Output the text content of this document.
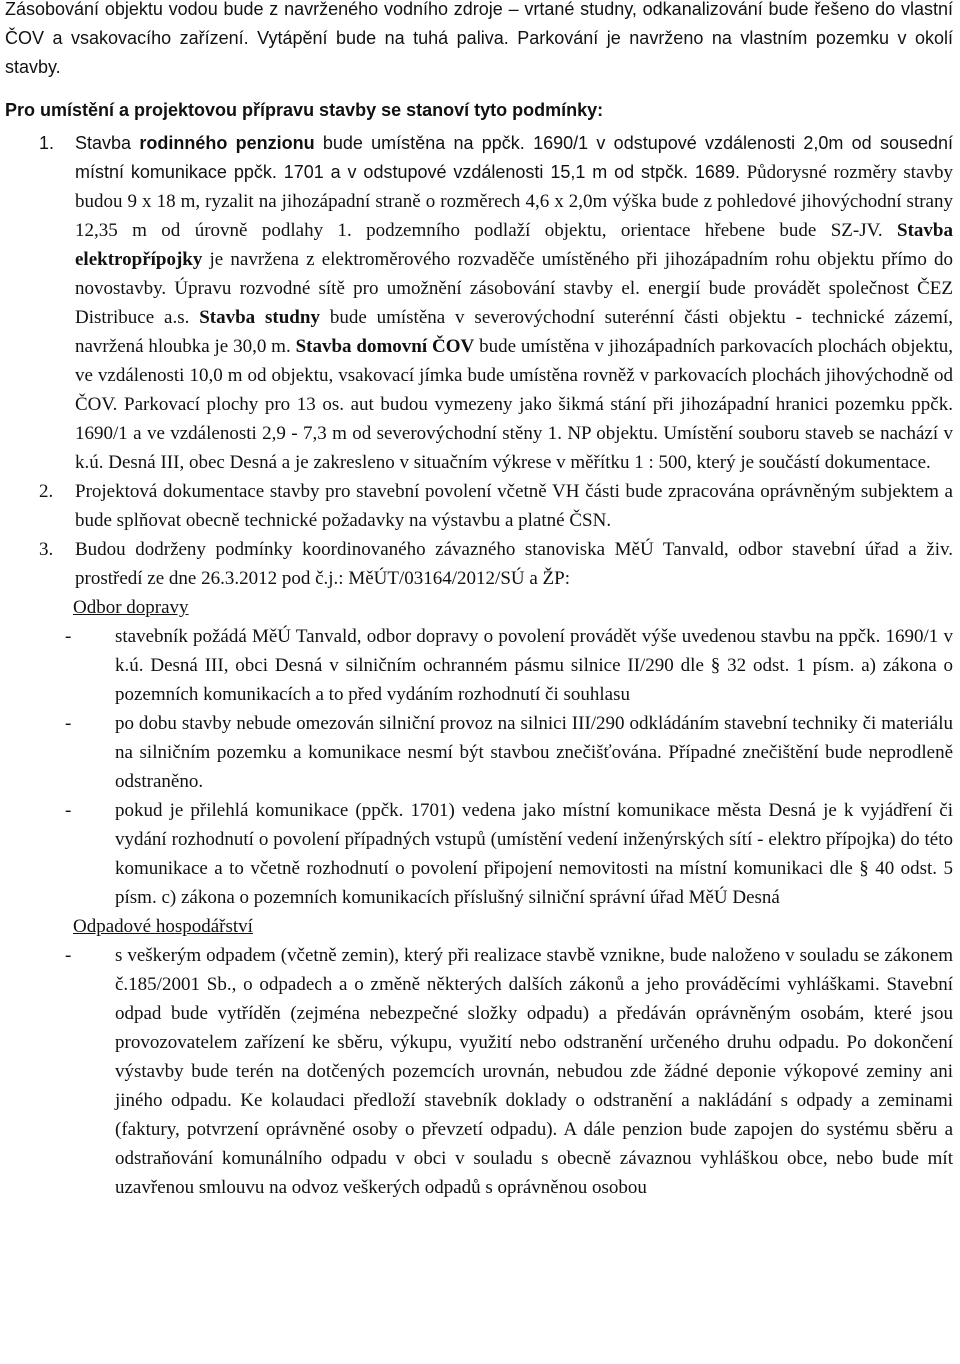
Zásobování objektu vodou bude z navrženého vodního zdroje – vrtané studny, odkanalizování bude řešeno do vlastní ČOV a vsakovacího zařízení. Vytápění bude na tuhá paliva. Parkování je navrženo na vlastním pozemku v okolí stavby.

Pro umístění a projektovou přípravu stavby se stanoví tyto podmínky:

1. Stavba rodinného penzionu bude umístěna na ppčk. 1690/1 v odstupové vzdálenosti 2,0m od sousední místní komunikace ppčk. 1701 a v odstupové vzdálenosti 15,1 m od stpčk. 1689. Půdorysné rozměry stavby budou 9 x 18 m, ryzalit na jihozápadní straně o rozměrech 4,6 x 2,0m výška bude z pohledové jihovýchodní strany 12,35 m od úrovně podlahy 1. podzemního podlaží objektu, orientace hřebene bude SZ-JV. Stavba elektropřípojky je navržena z elektroměrového rozvaděče umístěného při jihozápadním rohu objektu přímo do novostavby. Úpravu rozvodné sítě pro umožnění zásobování stavby el. energií bude provádět společnost ČEZ Distribuce a.s. Stavba studny bude umístěna v severovýchodní suterénní části objektu - technické zázemí, navržená hloubka je 30,0 m. Stavba domovní ČOV bude umístěna v jihozápadních parkovacích plochách objektu, ve vzdálenosti 10,0 m od objektu, vsakovací jímka bude umístěna rovněž v parkovacích plochách jihovýchodně od ČOV. Parkovací plochy pro 13 os. aut budou vymezeny jako šikmá stání při jihozápadní hranici pozemku ppčk. 1690/1 a ve vzdálenosti 2,9 - 7,3 m od severovýchodní stěny 1. NP objektu. Umístění souboru staveb se nachází v k.ú. Desná III, obec Desná a je zakresleno v situačním výkrese v měřítku 1 : 500, který je součástí dokumentace.

2. Projektová dokumentace stavby pro stavební povolení včetně VH části bude zpracována oprávněným subjektem a bude splňovat obecně technické požadavky na výstavbu a platné ČSN.

3. Budou dodrženy podmínky koordinovaného závazného stanoviska MěÚ Tanvald, odbor stavební úřad a živ. prostředí ze dne 26.3.2012 pod č.j.: MěÚT/03164/2012/SÚ a ŽP:

Odbor dopravy

- stavebník požádá MěÚ Tanvald, odbor dopravy o povolení provádět výše uvedenou stavbu na ppčk. 1690/1 v k.ú. Desná III, obci Desná v silničním ochranném pásmu silnice II/290 dle § 32 odst. 1 písm. a) zákona o pozemních komunikacích a to před vydáním rozhodnutí či souhlasu

- po dobu stavby nebude omezován silniční provoz na silnici III/290 odkládáním stavební techniky či materiálu na silničním pozemku a komunikace nesmí být stavbou znečišťována. Případné znečištění bude neprodleně odstraněno.

- pokud je přilehlá komunikace (ppčk. 1701) vedena jako místní komunikace města Desná je k vyjádření či vydání rozhodnutí o povolení případných vstupů (umístění vedení inženýrských sítí - elektro přípojka) do této komunikace a to včetně rozhodnutí o povolení připojení nemovitosti na místní komunikaci dle § 40 odst. 5 písm. c) zákona o pozemních komunikacích příslušný silniční správní úřad MěÚ Desná

Odpadové hospodářství

- s veškerým odpadem (včetně zemin), který při realizace stavbě vznikne, bude naloženo v souladu se zákonem č.185/2001 Sb., o odpadech a o změně některých dalších zákonů a jeho prováděcími vyhláškami. Stavební odpad bude vytříděn (zejména nebezpečné složky odpadu) a předáván oprávněným osobám, které jsou provozovatelem zařízení ke sběru, výkupu, využití nebo odstranění určeného druhu odpadu. Po dokončení výstavby bude terén na dotčených pozemcích urovnán, nebudou zde žádné deponie výkopové zeminy ani jiného odpadu. Ke kolaudaci předloží stavebník doklady o odstranění a nakládání s odpady a zeminami (faktury, potvrzení oprávněné osoby o převzetí odpadu). A dále penzion bude zapojen do systému sběru a odstraňování komunálního odpadu v obci v souladu s obecně závaznou vyhláškou obce, nebo bude mít uzavřenou smlouvu na odvoz veškerých odpadů s oprávněnou osobou
